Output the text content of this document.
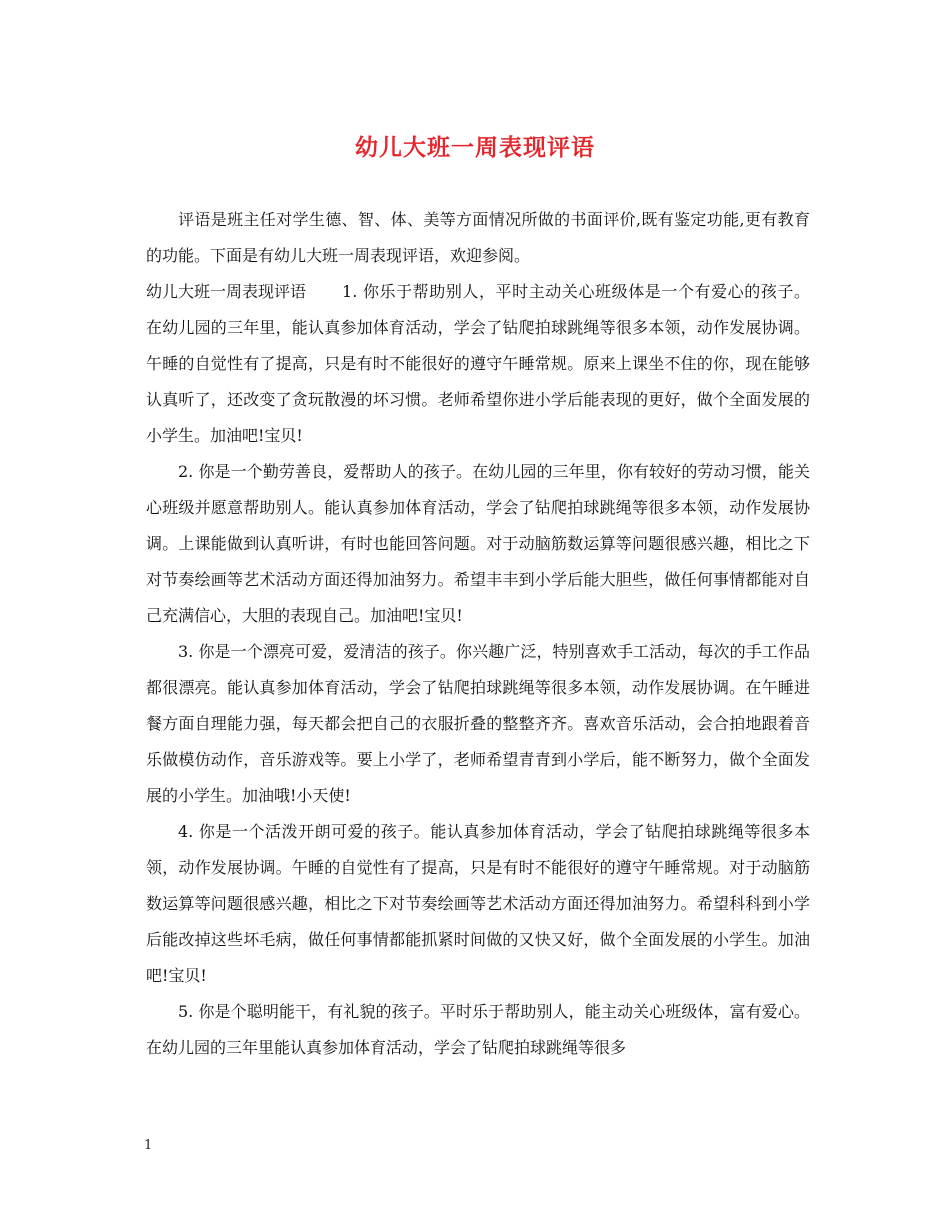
幼儿大班一周表现评语

评语是班主任对学生德、智、体、美等方面情况所做的书面评价,既有鉴定功能,更有教育的功能。下面是有幼儿大班一周表现评语，欢迎参阅。

幼儿大班一周表现评语 1. 你乐于帮助别人，平时主动关心班级体是一个有爱心的孩子。在幼儿园的三年里，能认真参加体育活动，学会了钻爬拍球跳绳等很多本领，动作发展协调。午睡的自觉性有了提高，只是有时不能很好的遵守午睡常规。原来上课坐不住的你，现在能够认真听了，还改变了贪玩散漫的坏习惯。老师希望你进小学后能表现的更好，做个全面发展的小学生。加油吧!宝贝!

2. 你是一个勤劳善良，爱帮助人的孩子。在幼儿园的三年里，你有较好的劳动习惯，能关心班级并愿意帮助别人。能认真参加体育活动，学会了钻爬拍球跳绳等很多本领，动作发展协调。上课能做到认真听讲，有时也能回答问题。对于动脑筋数运算等问题很感兴趣，相比之下对节奏绘画等艺术活动方面还得加油努力。希望丰丰到小学后能大胆些，做任何事情都能对自己充满信心，大胆的表现自己。加油吧!宝贝!

3. 你是一个漂亮可爱，爱清洁的孩子。你兴趣广泛，特别喜欢手工活动，每次的手工作品都很漂亮。能认真参加体育活动，学会了钻爬拍球跳绳等很多本领，动作发展协调。在午睡进餐方面自理能力强，每天都会把自己的衣服折叠的整整齐齐。喜欢音乐活动，会合拍地跟着音乐做模仿动作，音乐游戏等。要上小学了，老师希望青青到小学后，能不断努力，做个全面发展的小学生。加油哦!小天使!

4. 你是一个活泼开朗可爱的孩子。能认真参加体育活动，学会了钻爬拍球跳绳等很多本领，动作发展协调。午睡的自觉性有了提高，只是有时不能很好的遵守午睡常规。对于动脑筋数运算等问题很感兴趣，相比之下对节奏绘画等艺术活动方面还得加油努力。希望科科到小学后能改掉这些坏毛病，做任何事情都能抓紧时间做的又快又好，做个全面发展的小学生。加油吧!宝贝!

5. 你是个聪明能干，有礼貌的孩子。平时乐于帮助别人，能主动关心班级体，富有爱心。在幼儿园的三年里能认真参加体育活动，学会了钻爬拍球跳绳等很多

1
